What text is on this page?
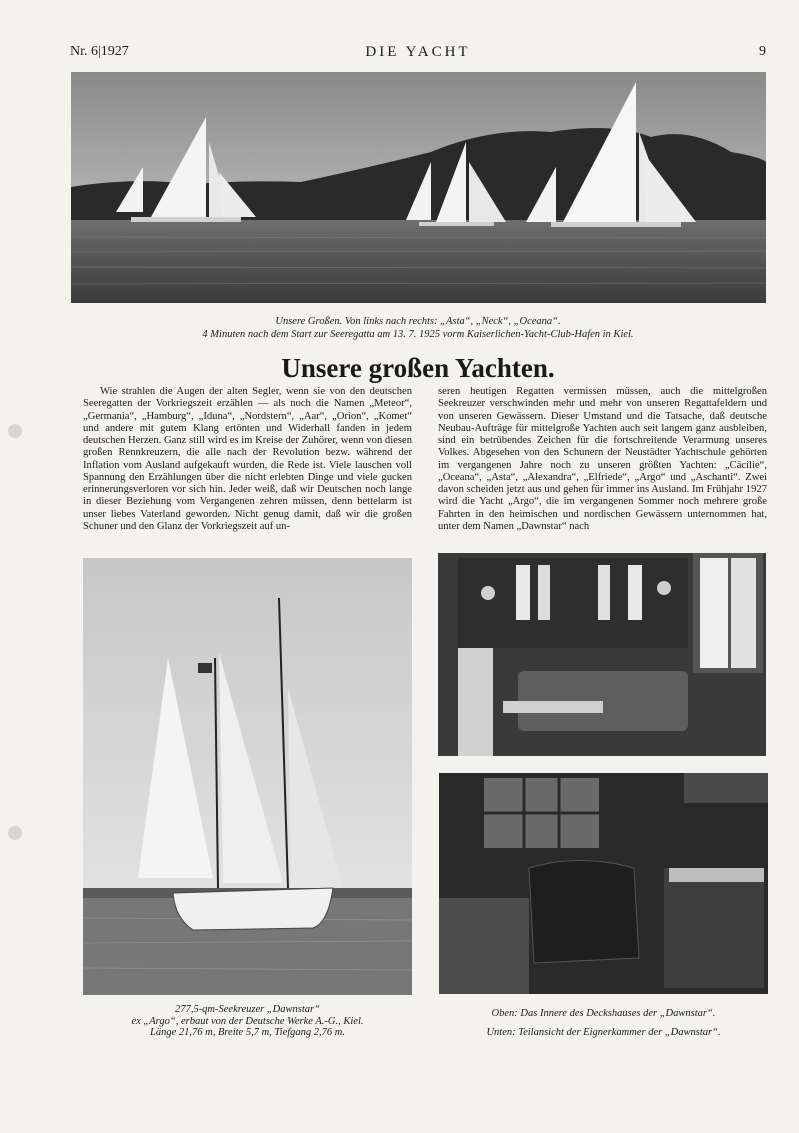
Nr. 6|1927	DIE YACHT	9
Unsere Großen. Von links nach rechts: „Asta“, „Neck“, „Oceana“.
4 Minuten nach dem Start zur Seeregatta am 13. 7. 1925 vorm Kaiserlichen-Yacht-Club-Hafen in Kiel.
Unsere großen Yachten.

Wie strahlen die Augen der alten Segler, wenn sie von den deutschen Seeregatten der Vorkriegszeit erzählen — als noch die Namen „Meteor“, „Germania“, „Hamburg“, „Iduna“, „Nordstern“, „Aar“, „Orion“, „Komet“ und andere mit gutem Klang ertönten und Widerhall fanden in jedem deutschen Herzen. Ganz still wird es im Kreise der Zuhörer, wenn von diesen großen Rennkreuzern, die alle nach der Revolution bezw. während der Inflation vom Ausland aufgekauft wurden, die Rede ist. Viele lauschen voll Spannung den Erzählungen über die nicht erlebten Dinge und viele gucken erinnerungsverloren vor sich hin. Jeder weiß, daß wir Deutschen noch lange in dieser Beziehung vom Vergangenen zehren müssen, denn bettelarm ist unser liebes Vaterland geworden. Nicht genug damit, daß wir die großen Schuner und den Glanz der Vorkriegszeit auf un-

seren heutigen Regatten vermissen müssen, auch die mittelgroßen Seekreuzer verschwinden mehr und mehr von unseren Regattafeldern und von unseren Gewässern. Dieser Umstand und die Tatsache, daß deutsche Neubau-Aufträge für mittelgroße Yachten auch seit langem ganz ausbleiben, sind ein betrübendes Zeichen für die fortschreitende Verarmung unseres Volkes. Abgesehen von den Schunern der Neustädter Yachtschule gehörten im vergangenen Jahre noch zu unseren größten Yachten: „Cäcilie“, „Oceana“, „Asta“, „Alexandra“, „Elfriede“, „Argo“ und „Aschanti“. Zwei davon scheiden jetzt aus und gehen für immer ins Ausland. Im Frühjahr 1927 wird die Yacht „Argo“, die im vergangenen Sommer noch mehrere große Fahrten in den heimischen und nordischen Gewässern unternommen hat, unter dem Namen „Dawnstar“ nach

277,5-qm-Seekreuzer „Dawnstar“
ex „Argo“, erbaut von der Deutsche Werke A.-G., Kiel.
Länge 21,76 m, Breite 5,7 m, Tiefgang 2,76 m.
Oben: Das Innere des Deckshauses der „Dawnstar“.
Unten: Teilansicht der Eignerkammer der „Dawnstar“.
